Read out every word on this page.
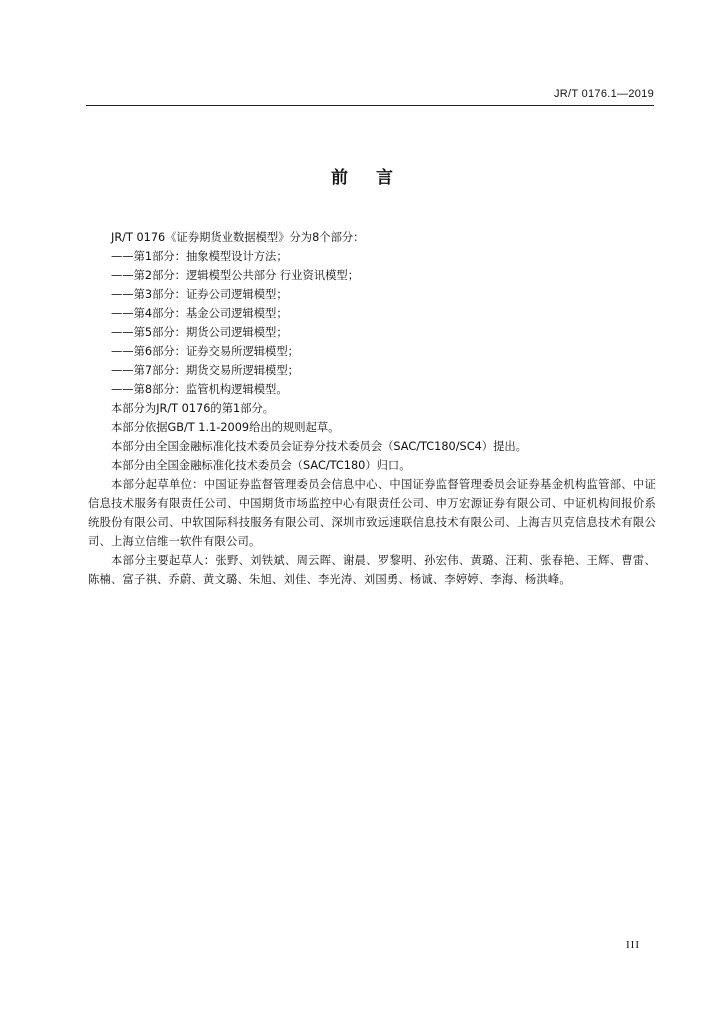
JR/T 0176.1—2019
前言

JR/T 0176《证券期货业数据模型》分为8个部分：

——第1部分：抽象模型设计方法；

——第2部分：逻辑模型公共部分 行业资讯模型；

——第3部分：证券公司逻辑模型；

——第4部分：基金公司逻辑模型；

——第5部分：期货公司逻辑模型；

——第6部分：证券交易所逻辑模型；

——第7部分：期货交易所逻辑模型；

——第8部分：监管机构逻辑模型。

本部分为JR/T 0176的第1部分。

本部分依据GB/T 1.1-2009给出的规则起草。

本部分由全国金融标准化技术委员会证券分技术委员会（SAC/TC180/SC4）提出。

本部分由全国金融标准化技术委员会（SAC/TC180）归口。

本部分起草单位：中国证券监督管理委员会信息中心、中国证券监督管理委员会证券基金机构监管部、中证信息技术服务有限责任公司、中国期货市场监控中心有限责任公司、申万宏源证券有限公司、中证机构间报价系统股份有限公司、中软国际科技服务有限公司、深圳市致远速联信息技术有限公司、上海吉贝克信息技术有限公司、上海立信维一软件有限公司。

本部分主要起草人：张野、刘铁斌、周云晖、谢晨、罗黎明、孙宏伟、黄璐、汪莉、张春艳、王辉、曹雷、陈楠、富子祺、乔蔚、黄文璐、朱旭、刘佳、李光涛、刘国勇、杨诚、李婷婷、李海、杨洪峰。

III
